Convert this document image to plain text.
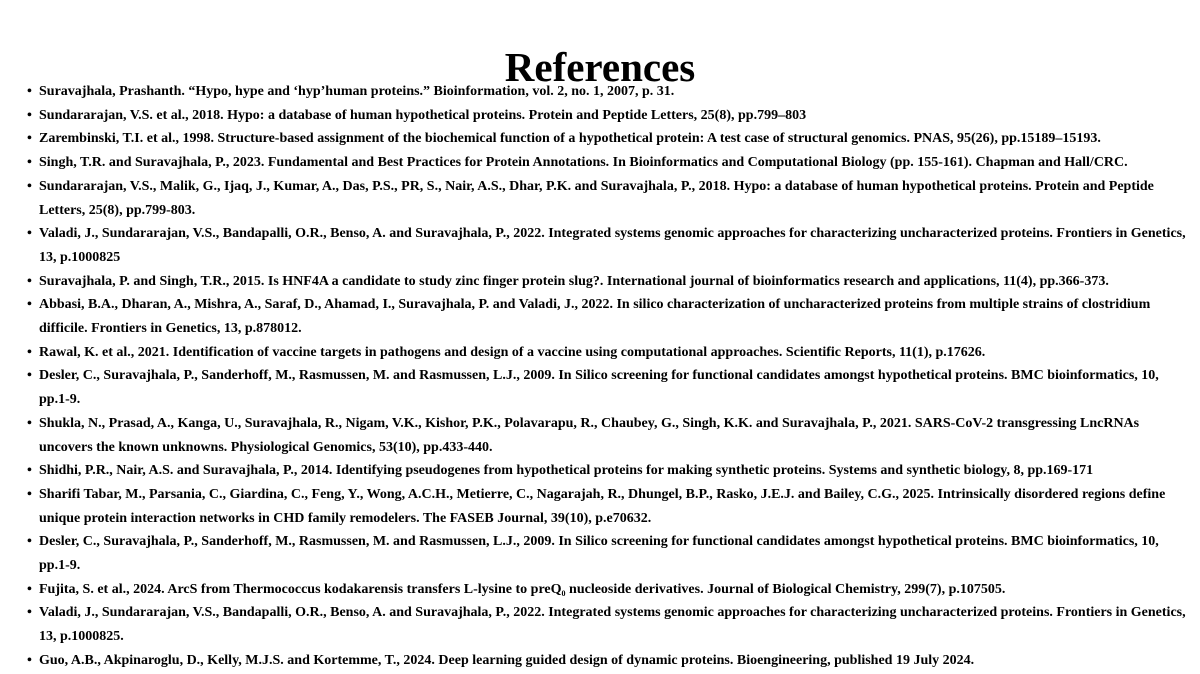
References
• Suravajhala, Prashanth. “Hypo, hype and ‘hyp’human proteins.” Bioinformation, vol. 2, no. 1, 2007, p. 31.
• Sundararajan, V.S. et al., 2018. Hypo: a database of human hypothetical proteins. Protein and Peptide Letters, 25(8), pp.799–803
• Zarembinski, T.I. et al., 1998. Structure-based assignment of the biochemical function of a hypothetical protein: A test case of structural genomics. PNAS, 95(26), pp.15189–15193.
• Singh, T.R. and Suravajhala, P., 2023. Fundamental and Best Practices for Protein Annotations. In Bioinformatics and Computational Biology (pp. 155-161). Chapman and Hall/CRC.
• Sundararajan, V.S., Malik, G., Ijaq, J., Kumar, A., Das, P.S., PR, S., Nair, A.S., Dhar, P.K. and Suravajhala, P., 2018. Hypo: a database of human hypothetical proteins. Protein and Peptide Letters, 25(8), pp.799-803.
• Valadi, J., Sundararajan, V.S., Bandapalli, O.R., Benso, A. and Suravajhala, P., 2022. Integrated systems genomic approaches for characterizing uncharacterized proteins. Frontiers in Genetics, 13, p.1000825
• Suravajhala, P. and Singh, T.R., 2015. Is HNF4A a candidate to study zinc finger protein slug?. International journal of bioinformatics research and applications, 11(4), pp.366-373.
• Abbasi, B.A., Dharan, A., Mishra, A., Saraf, D., Ahamad, I., Suravajhala, P. and Valadi, J., 2022. In silico characterization of uncharacterized proteins from multiple strains of clostridium difficile. Frontiers in Genetics, 13, p.878012.
• Rawal, K. et al., 2021. Identification of vaccine targets in pathogens and design of a vaccine using computational approaches. Scientific Reports, 11(1), p.17626.
• Desler, C., Suravajhala, P., Sanderhoff, M., Rasmussen, M. and Rasmussen, L.J., 2009. In Silico screening for functional candidates amongst hypothetical proteins. BMC bioinformatics, 10, pp.1-9.
• Shukla, N., Prasad, A., Kanga, U., Suravajhala, R., Nigam, V.K., Kishor, P.K., Polavarapu, R., Chaubey, G., Singh, K.K. and Suravajhala, P., 2021. SARS-CoV-2 transgressing LncRNAs uncovers the known unknowns. Physiological Genomics, 53(10), pp.433-440.
• Shidhi, P.R., Nair, A.S. and Suravajhala, P., 2014. Identifying pseudogenes from hypothetical proteins for making synthetic proteins. Systems and synthetic biology, 8, pp.169-171
• Sharifi Tabar, M., Parsania, C., Giardina, C., Feng, Y., Wong, A.C.H., Metierre, C., Nagarajah, R., Dhungel, B.P., Rasko, J.E.J. and Bailey, C.G., 2025. Intrinsically disordered regions define unique protein interaction networks in CHD family remodelers. The FASEB Journal, 39(10), p.e70632.
• Desler, C., Suravajhala, P., Sanderhoff, M., Rasmussen, M. and Rasmussen, L.J., 2009. In Silico screening for functional candidates amongst hypothetical proteins. BMC bioinformatics, 10, pp.1-9.
• Fujita, S. et al., 2024. ArcS from Thermococcus kodakarensis transfers L-lysine to preQ$_0$ nucleoside derivatives. Journal of Biological Chemistry, 299(7), p.107505.
• Valadi, J., Sundararajan, V.S., Bandapalli, O.R., Benso, A. and Suravajhala, P., 2022. Integrated systems genomic approaches for characterizing uncharacterized proteins. Frontiers in Genetics, 13, p.1000825.
• Guo, A.B., Akpinaroglu, D., Kelly, M.J.S. and Kortemme, T., 2024. Deep learning guided design of dynamic proteins. Bioengineering, published 19 July 2024.
